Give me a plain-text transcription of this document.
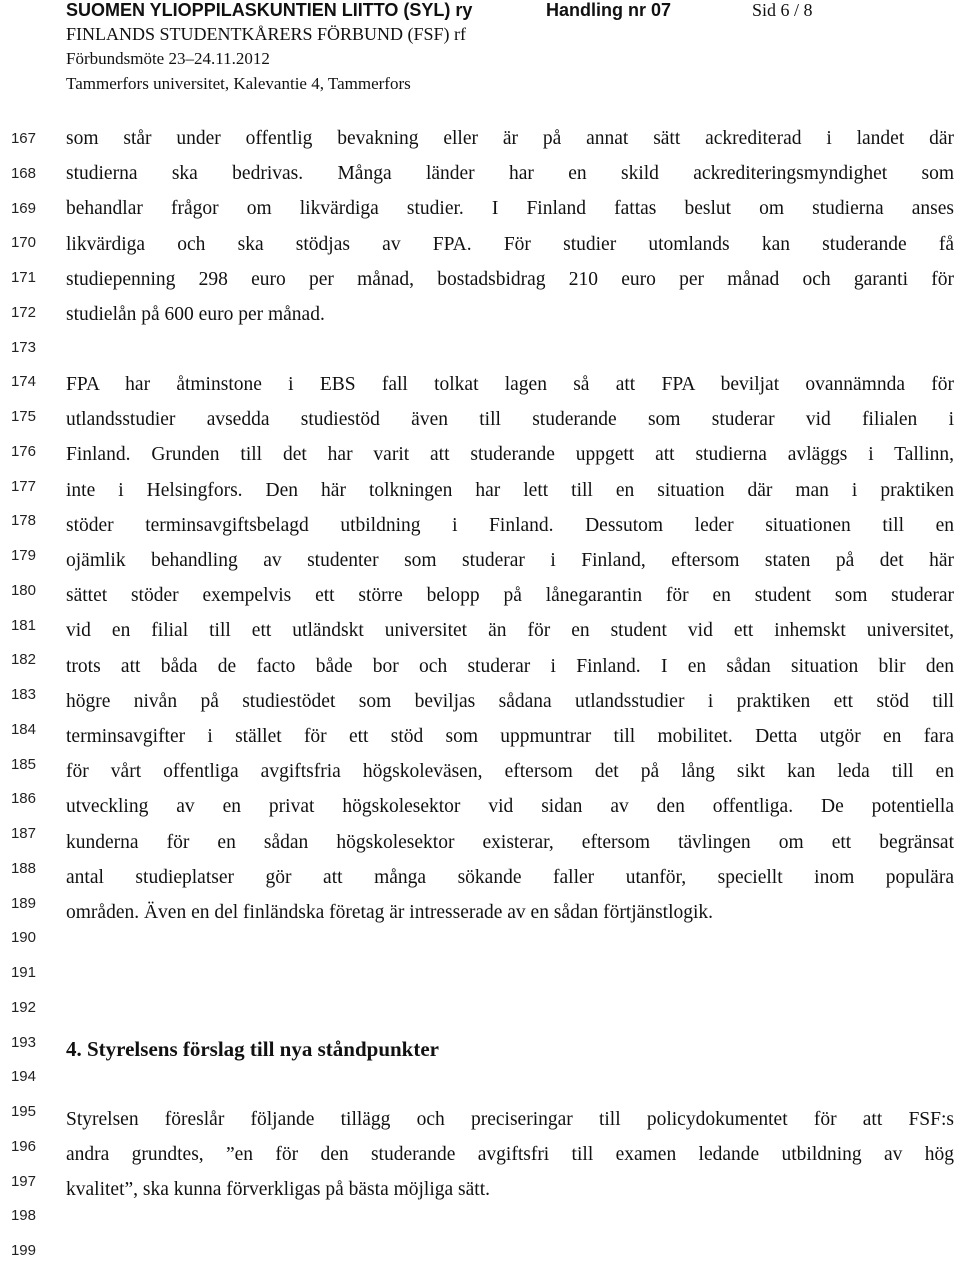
SUOMEN YLIOPPILASKUNTIEN LIITTO (SYL) ry
FINLANDS STUDENTKÅRERS FÖRBUND (FSF) rf
Förbundsmöte 23–24.11.2012
Tammerfors universitet, Kalevantie 4, Tammerfors
Handling nr 07	Sid 6 / 8
167
168
169
170
171
172
173
174
175
176
177
178
179
180
181
182
183
184
185
186
187
188
189
190
191
192
193
194
195
196
197
198
199
som står under offentlig bevakning eller är på annat sätt ackrediterad i landet där
studierna ska bedrivas. Många länder har en skild ackrediteringsmyndighet som
behandlar frågor om likvärdiga studier. I Finland fattas beslut om studierna anses
likvärdiga och ska stödjas av FPA. För studier utomlands kan studerande få
studiepenning 298 euro per månad, bostadsbidrag 210 euro per månad och garanti för
studielån på 600 euro per månad.
FPA har åtminstone i EBS fall tolkat lagen så att FPA beviljat ovannämnda för
utlandsstudier avsedda studiestöd även till studerande som studerar vid filialen i
Finland. Grunden till det har varit att studerande uppgett att studierna avläggs i Tallinn,
inte i Helsingfors. Den här tolkningen har lett till en situation där man i praktiken
stöder terminsavgiftsbelagd utbildning i Finland. Dessutom leder situationen till en
ojämlik behandling av studenter som studerar i Finland, eftersom staten på det här
sättet stöder exempelvis ett större belopp på lånegarantin för en student som studerar
vid en filial till ett utländskt universitet än för en student vid ett inhemskt universitet,
trots att båda de facto både bor och studerar i Finland. I en sådan situation blir den
högre nivån på studiestödet som beviljas sådana utlandsstudier i praktiken ett stöd till
terminsavgifter i stället för ett stöd som uppmuntrar till mobilitet. Detta utgör en fara
för vårt offentliga avgiftsfria högskoleväsen, eftersom det på lång sikt kan leda till en
utveckling av en privat högskolesektor vid sidan av den offentliga. De potentiella
kunderna för en sådan högskolesektor existerar, eftersom tävlingen om ett begränsat
antal studieplatser gör att många sökande faller utanför, speciellt inom populära
områden. Även en del finländska företag är intresserade av en sådan förtjänstlogik.
Styrelsen föreslår följande tillägg och preciseringar till policydokumentet för att FSF:s
andra grundtes, ”en för den studerande avgiftsfri till examen ledande utbildning av hög
kvalitet”, ska kunna förverkligas på bästa möjliga sätt.
4. Styrelsens förslag till nya ståndpunkter
